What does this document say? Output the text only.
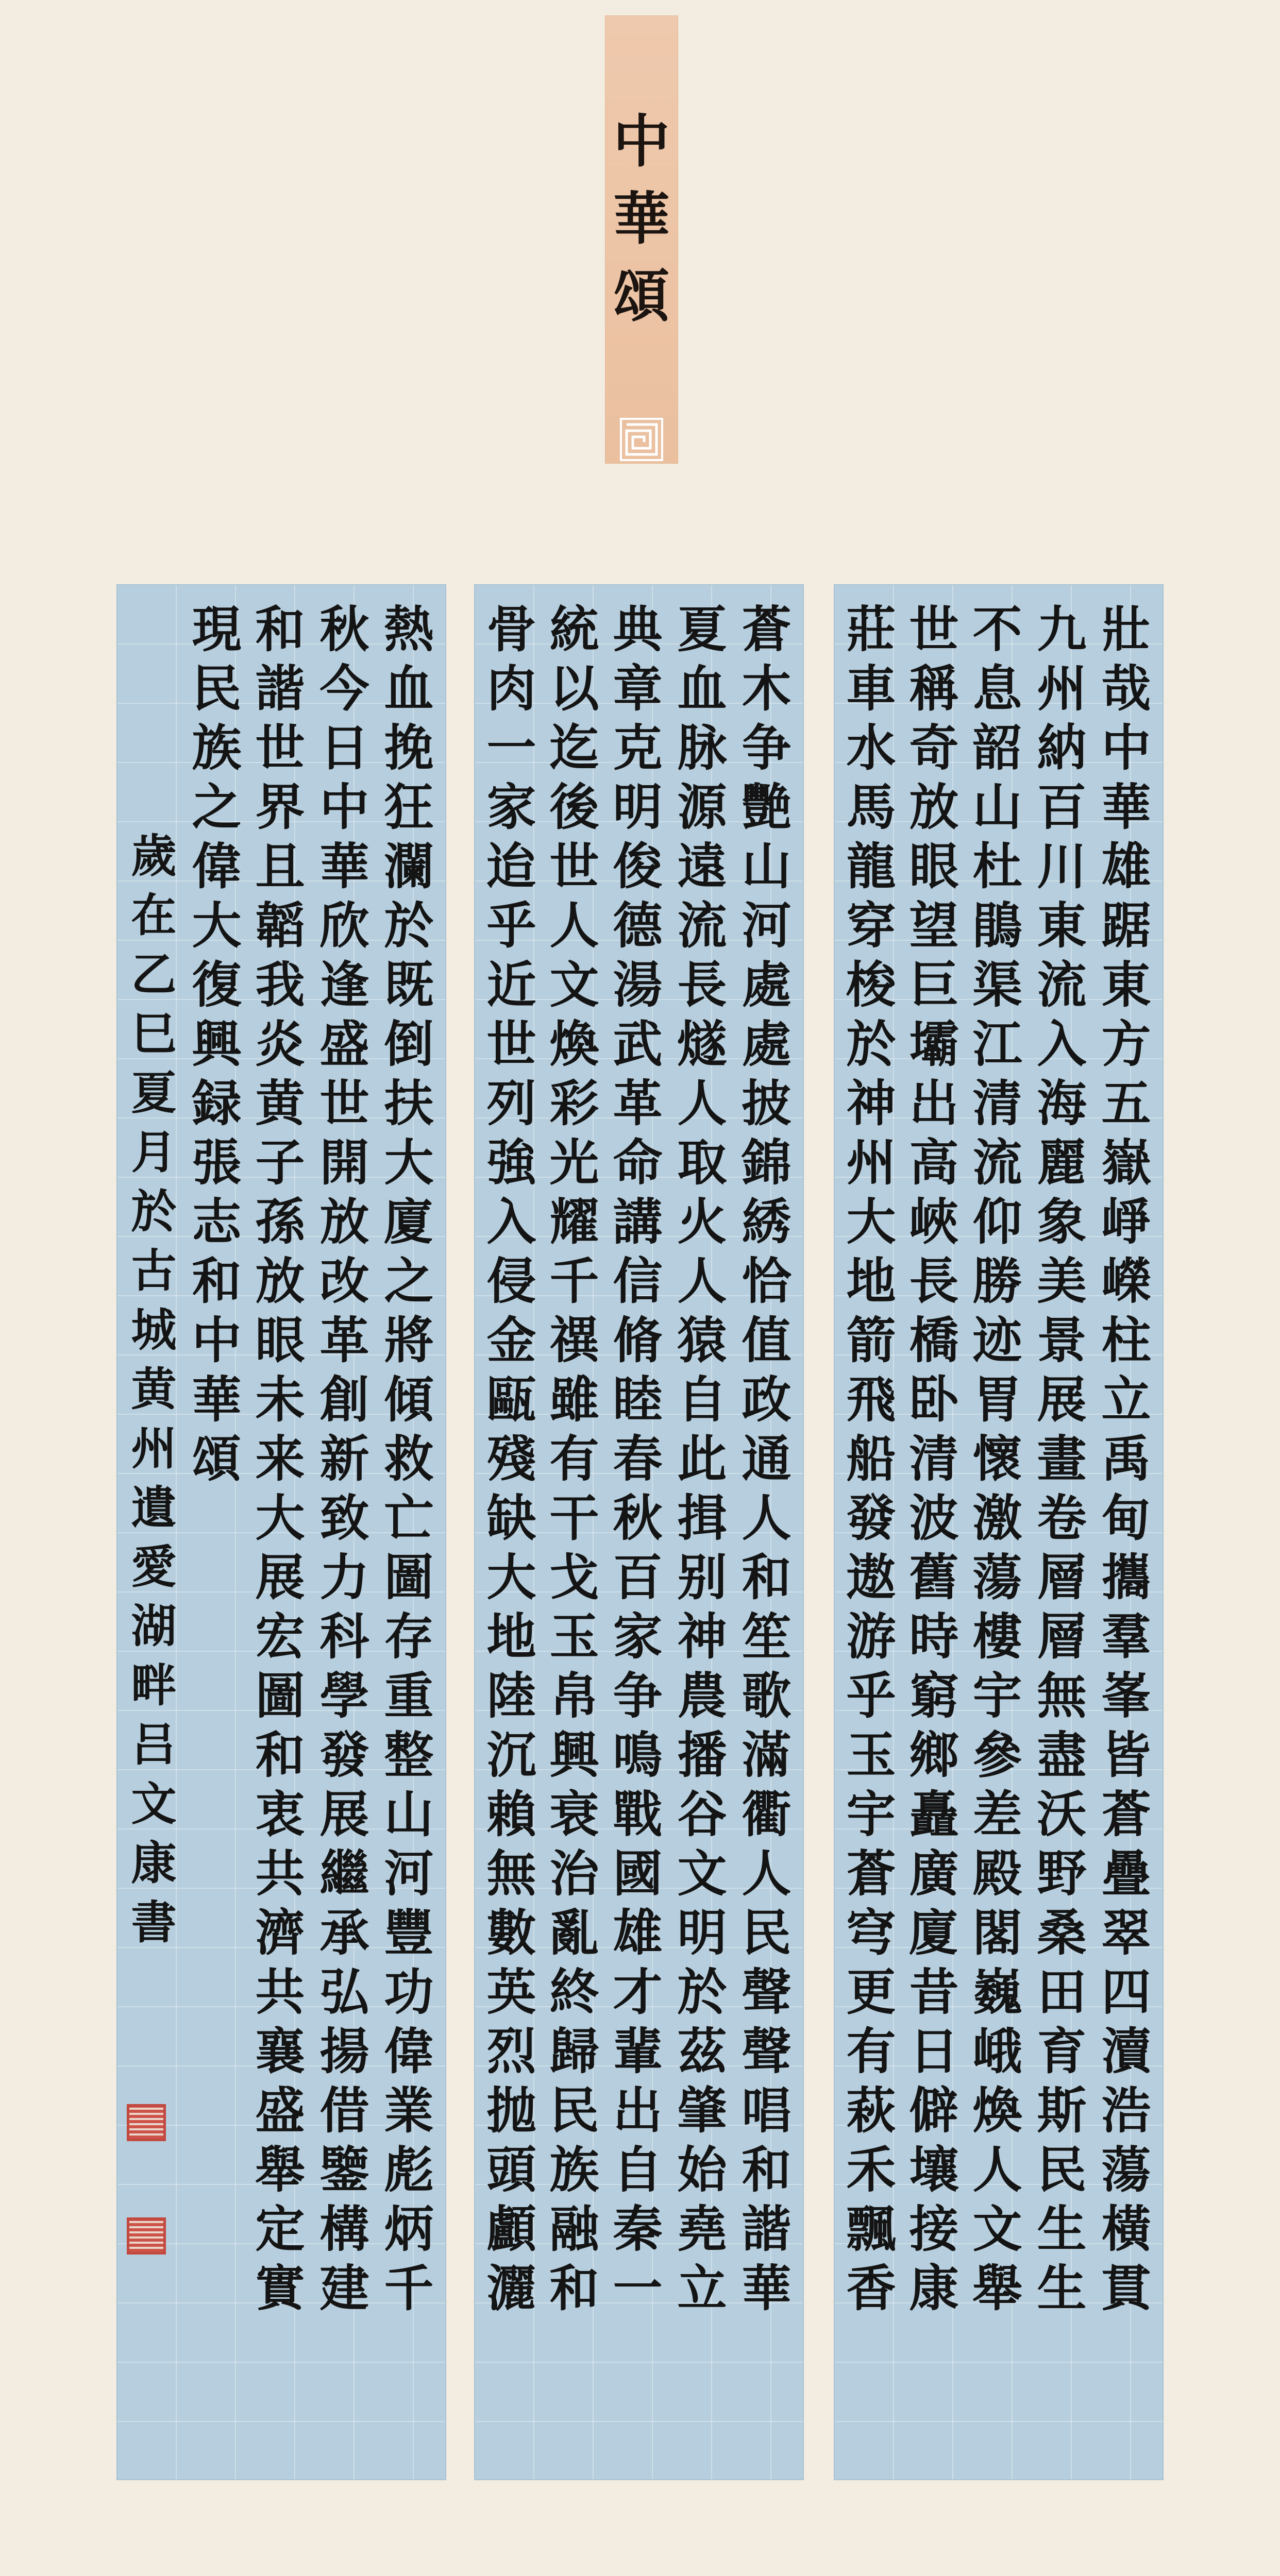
中
華
頌
壯哉中華雄踞東方五嶽崢嶸柱立禹甸攜羣峯皆蒼疊翠四瀆浩蕩橫貫
九州納百川東流入海麗象美景展畫卷層層無盡沃野桑田育斯民生生
不息韶山杜鵑渠江清流仰勝迹胃懷激蕩樓宇參差殿閣巍峨煥人文舉
世稱奇放眼望巨壩出高峽長橋卧清波舊時窮鄉矗廣廈昔日僻壤接康
莊車水馬龍穿梭於神州大地箭飛船發遨游乎玉宇蒼穹更有萩禾飄香
蒼木争艷山河處處披錦綉恰值政通人和笙歌滿衢人民聲聲唱和諧華
夏血脉源遠流長燧人取火人猿自此揖别神農播谷文明於茲肇始堯立
典章克明俊德湯武革命講信脩睦春秋百家争鳴戰國雄才輩出自秦一
統以迄後世人文煥彩光耀千禩雖有干戈玉帛興衰治亂終歸民族融和
骨肉一家迨乎近世列強入侵金甌殘缺大地陸沉賴無數英烈抛頭顱灑
熱血挽狂瀾於既倒扶大廈之將傾救亡圖存重整山河豐功偉業彪炳千
秋今日中華欣逢盛世開放改革創新致力科學發展繼承弘揚借鑒構建
和諧世界且韜我炎黄子孫放眼未来大展宏圖和衷共濟共襄盛舉定實
現民族之偉大復興録張志和中華頌
歲在乙巳夏月於古城黄州遺愛湖畔吕文康書
